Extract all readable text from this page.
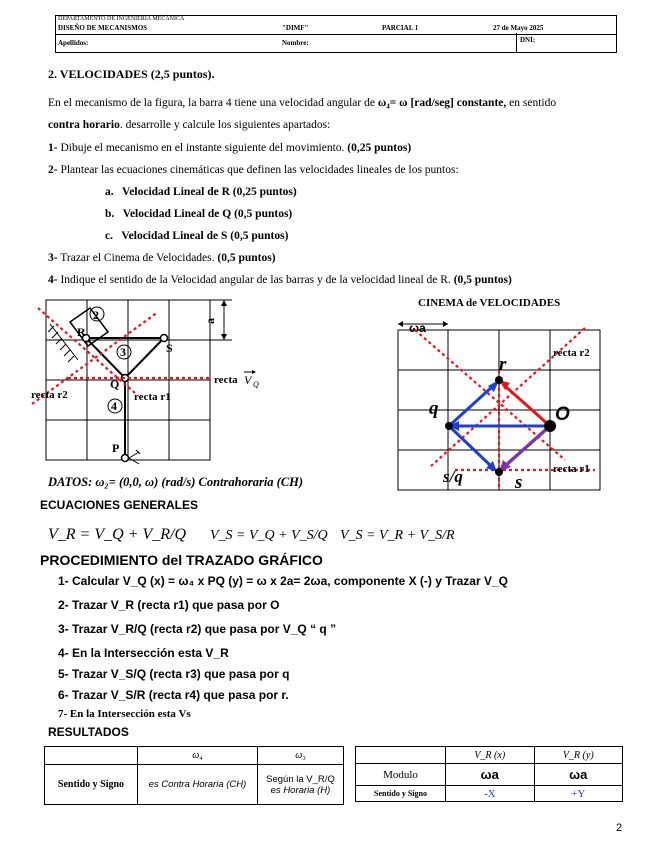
DEPARTAMENTO DE INGENIERIA MECÁNICA
DISEÑO DE MECANISMOS	"DIMF"	PARCIAL 1	27 de Mayo 2025
Apellidos:	Nombre:	DNI:
2. VELOCIDADES (2,5 puntos).
En el mecanismo de la figura, la barra 4 tiene una velocidad angular de ω₄= ω [rad/seg] constante, en sentido
contra horario. desarrolle y calcule los siguientes apartados:
1- Dibuje el mecanismo en el instante siguiente del movimiento. (0,25 puntos)
2- Plantear las ecuaciones cinemáticas que definen las velocidades lineales de los puntos:
a. Velocidad Lineal de R (0,25 puntos)
b. Velocidad Lineal de Q (0,5 puntos)
c. Velocidad Lineal de S (0,5 puntos)
3- Trazar el Cinema de Velocidades. (0,5 puntos)
4- Indique el sentido de la Velocidad angular de las barras y de la velocidad lineal de R. (0,5 puntos)
a
2
3
4
R
S
Q
P
recta r2	recta r1
recta V Q
CINEMA de VELOCIDADES
ωa
recta r2
recta r1
r
q	O
s/q	s
DATOS: ω₂= (0,0, ω) (rad/s) Contrahoraria (CH)
ECUACIONES GENERALES
V_R = V_Q + V_R/Q V_S = V_Q + V_S/Q V_S = V_R + V_S/R
PROCEDIMIENTO del TRAZADO GRÁFICO
1- Calcular V_Q (x) = ω₄ x PQ (y) = ω x 2a= 2ωa, componente X (-) y Trazar V_Q
2- Trazar V_R (recta r1) que pasa por O
3- Trazar V_R/Q (recta r2) que pasa por V_Q “ q ”
4- En la Intersección esta V_R
5- Trazar V_S/Q (recta r3) que pasa por q
6- Trazar V_S/R (recta r4) que pasa por r.
7- En la Intersección esta Vs
RESULTADOS
	ω₄	ω₃
Sentido y Signo	es Contra Horaria (CH)	Según la V_R/Q
es Horaria (H)
	V_R (x)	V_R (y)
Modulo	ωa	ωa
Sentido y Signo	-X	+Y
2
